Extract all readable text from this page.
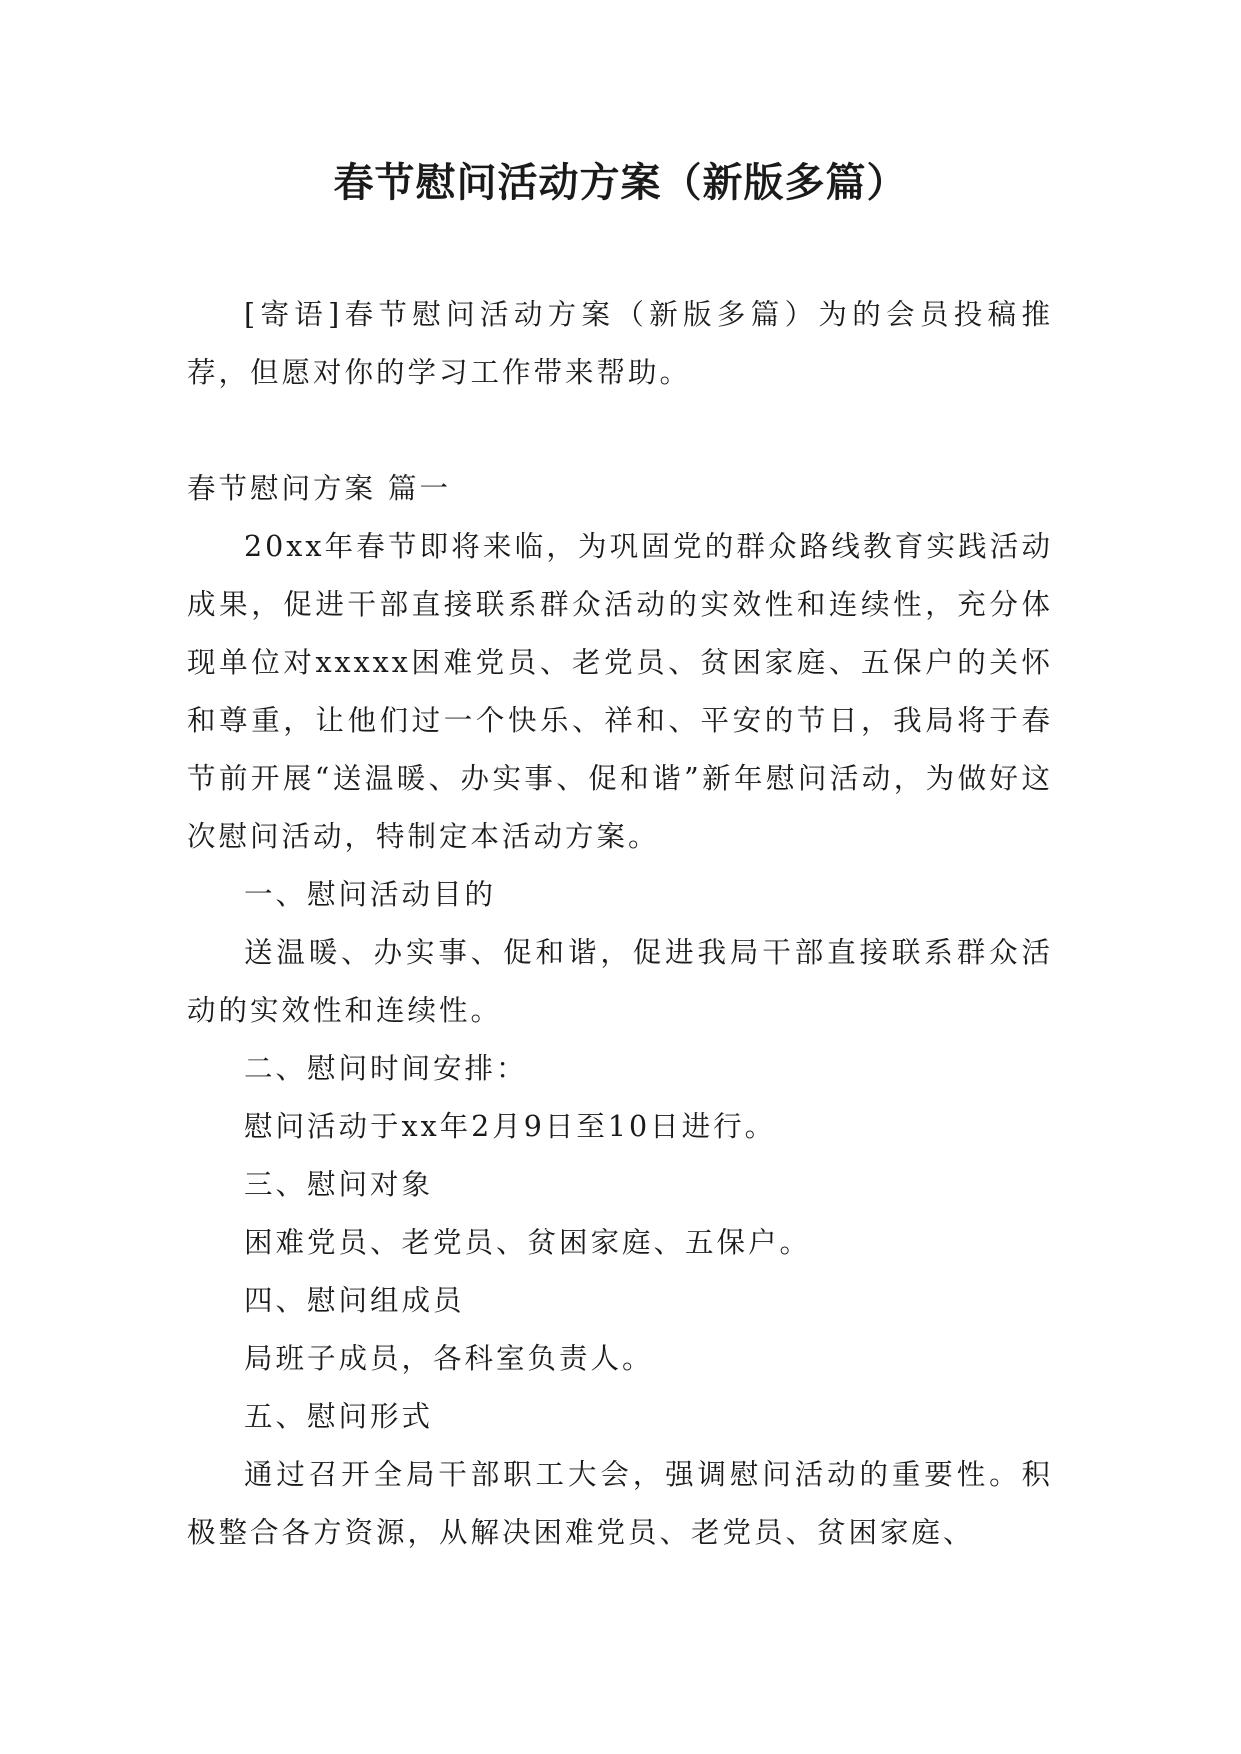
春节慰问活动方案（新版多篇）

[寄语]春节慰问活动方案（新版多篇）为的会员投稿推荐，但愿对你的学习工作带来帮助。

春节慰问方案 篇一

20xx年春节即将来临，为巩固党的群众路线教育实践活动成果，促进干部直接联系群众活动的实效性和连续性，充分体现单位对xxxxx困难党员、老党员、贫困家庭、五保户的关怀和尊重，让他们过一个快乐、祥和、平安的节日，我局将于春节前开展“送温暖、办实事、促和谐”新年慰问活动，为做好这次慰问活动，特制定本活动方案。

一、慰问活动目的

送温暖、办实事、促和谐，促进我局干部直接联系群众活动的实效性和连续性。

二、慰问时间安排：

慰问活动于xx年2月9日至10日进行。

三、慰问对象

困难党员、老党员、贫困家庭、五保户。

四、慰问组成员

局班子成员，各科室负责人。

五、慰问形式

通过召开全局干部职工大会，强调慰问活动的重要性。积极整合各方资源，从解决困难党员、老党员、贫困家庭、
